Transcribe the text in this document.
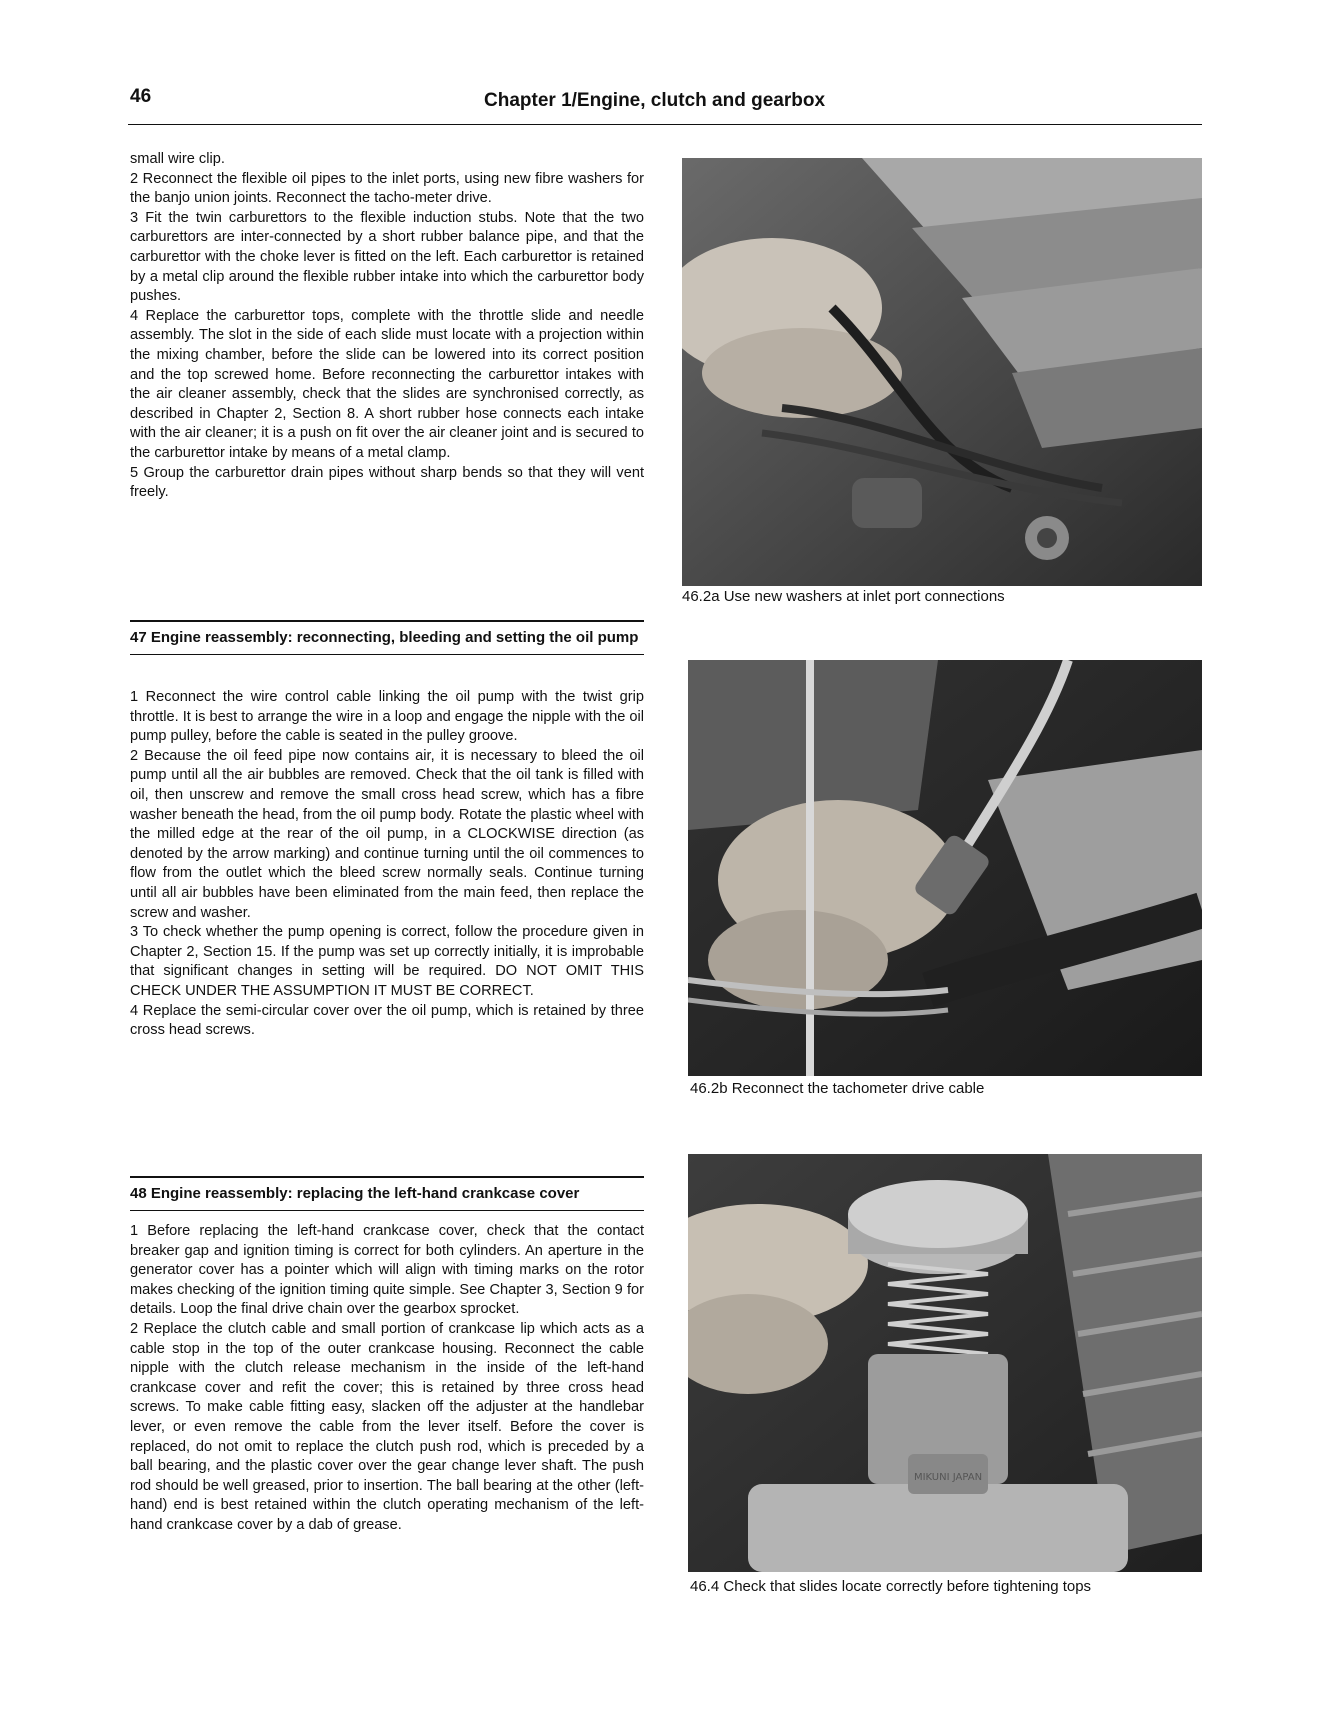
46	Chapter 1/Engine, clutch and gearbox

small wire clip.

2 Reconnect the flexible oil pipes to the inlet ports, using new fibre washers for the banjo union joints. Reconnect the tacho-meter drive.

3 Fit the twin carburettors to the flexible induction stubs. Note that the two carburettors are inter-connected by a short rubber balance pipe, and that the carburettor with the choke lever is fitted on the left. Each carburettor is retained by a metal clip around the flexible rubber intake into which the carburettor body pushes.

4 Replace the carburettor tops, complete with the throttle slide and needle assembly. The slot in the side of each slide must locate with a projection within the mixing chamber, before the slide can be lowered into its correct position and the top screwed home. Before reconnecting the carburettor intakes with the air cleaner assembly, check that the slides are synchronised correctly, as described in Chapter 2, Section 8. A short rubber hose connects each intake with the air cleaner; it is a push on fit over the air cleaner joint and is secured to the carburettor intake by means of a metal clamp.

5 Group the carburettor drain pipes without sharp bends so that they will vent freely.

47 Engine reassembly: reconnecting, bleeding and setting the oil pump

1 Reconnect the wire control cable linking the oil pump with the twist grip throttle. It is best to arrange the wire in a loop and engage the nipple with the oil pump pulley, before the cable is seated in the pulley groove.

2 Because the oil feed pipe now contains air, it is necessary to bleed the oil pump until all the air bubbles are removed. Check that the oil tank is filled with oil, then unscrew and remove the small cross head screw, which has a fibre washer beneath the head, from the oil pump body. Rotate the plastic wheel with the milled edge at the rear of the oil pump, in a CLOCKWISE direction (as denoted by the arrow marking) and continue turning until the oil commences to flow from the outlet which the bleed screw normally seals. Continue turning until all air bubbles have been eliminated from the main feed, then replace the screw and washer.

3 To check whether the pump opening is correct, follow the procedure given in Chapter 2, Section 15. If the pump was set up correctly initially, it is improbable that significant changes in setting will be required. DO NOT OMIT THIS CHECK UNDER THE ASSUMPTION IT MUST BE CORRECT.

4 Replace the semi-circular cover over the oil pump, which is retained by three cross head screws.

48 Engine reassembly: replacing the left-hand crankcase cover

1 Before replacing the left-hand crankcase cover, check that the contact breaker gap and ignition timing is correct for both cylinders. An aperture in the generator cover has a pointer which will align with timing marks on the rotor makes checking of the ignition timing quite simple. See Chapter 3, Section 9 for details. Loop the final drive chain over the gearbox sprocket.

2 Replace the clutch cable and small portion of crankcase lip which acts as a cable stop in the top of the outer crankcase housing. Reconnect the cable nipple with the clutch release mechanism in the inside of the left-hand crankcase cover and refit the cover; this is retained by three cross head screws. To make cable fitting easy, slacken off the adjuster at the handlebar lever, or even remove the cable from the lever itself. Before the cover is replaced, do not omit to replace the clutch push rod, which is preceded by a ball bearing, and the plastic cover over the gear change lever shaft. The push rod should be well greased, prior to insertion. The ball bearing at the other (left-hand) end is best retained within the clutch operating mechanism of the left-hand crankcase cover by a dab of grease.

46.2a Use new washers at inlet port connections
46.2b Reconnect the tachometer drive cable
MIKUNI JAPAN
46.4 Check that slides locate correctly before tightening tops
